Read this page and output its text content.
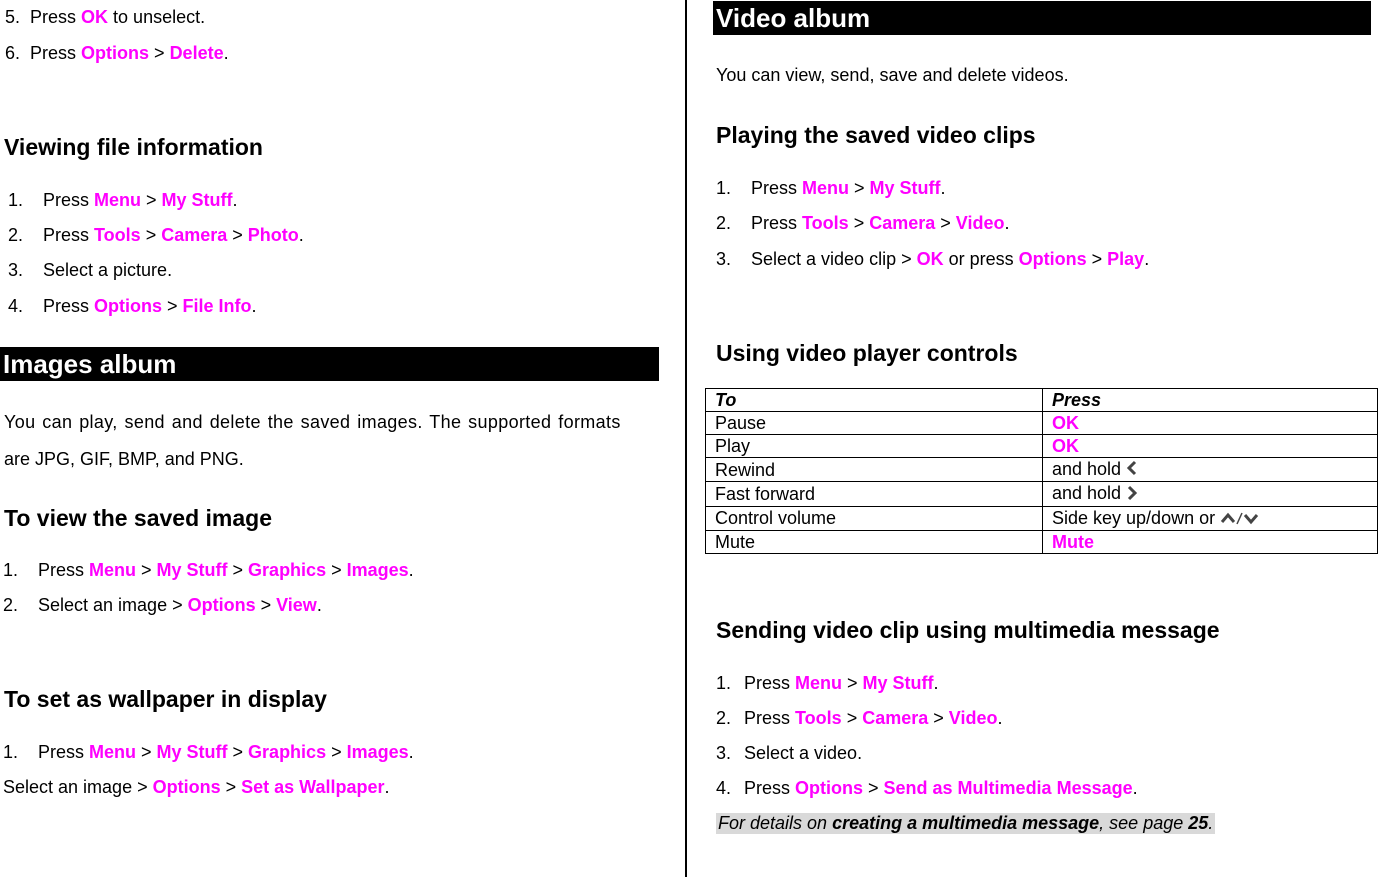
5. Press OK to unselect.
6. Press Options > Delete.
Viewing file information
1. Press Menu > My Stuff.
2. Press Tools > Camera > Photo.
3. Select a picture.
4. Press Options > File Info.
Images album
You can play, send and delete the saved images. The supported formats
are JPG, GIF, BMP, and PNG.
To view the saved image
1. Press Menu > My Stuff > Graphics > Images.
2. Select an image > Options > View.
To set as wallpaper in display
1. Press Menu > My Stuff > Graphics > Images.
Select an image > Options > Set as Wallpaper.
Video album
You can view, send, save and delete videos.
Playing the saved video clips
1. Press Menu > My Stuff.
2. Press Tools > Camera > Video.
3. Select a video clip > OK or press Options > Play.
Using video player controls
To	Press
Pause	OK
Play	OK
Rewind	and hold
Fast forward	and hold
Control volume	Side key up/down or
Mute	Mute
Sending video clip using multimedia message
1. Press Menu > My Stuff.
2. Press Tools > Camera > Video.
3. Select a video.
4. Press Options > Send as Multimedia Message.
For details on creating a multimedia message, see page 25.
